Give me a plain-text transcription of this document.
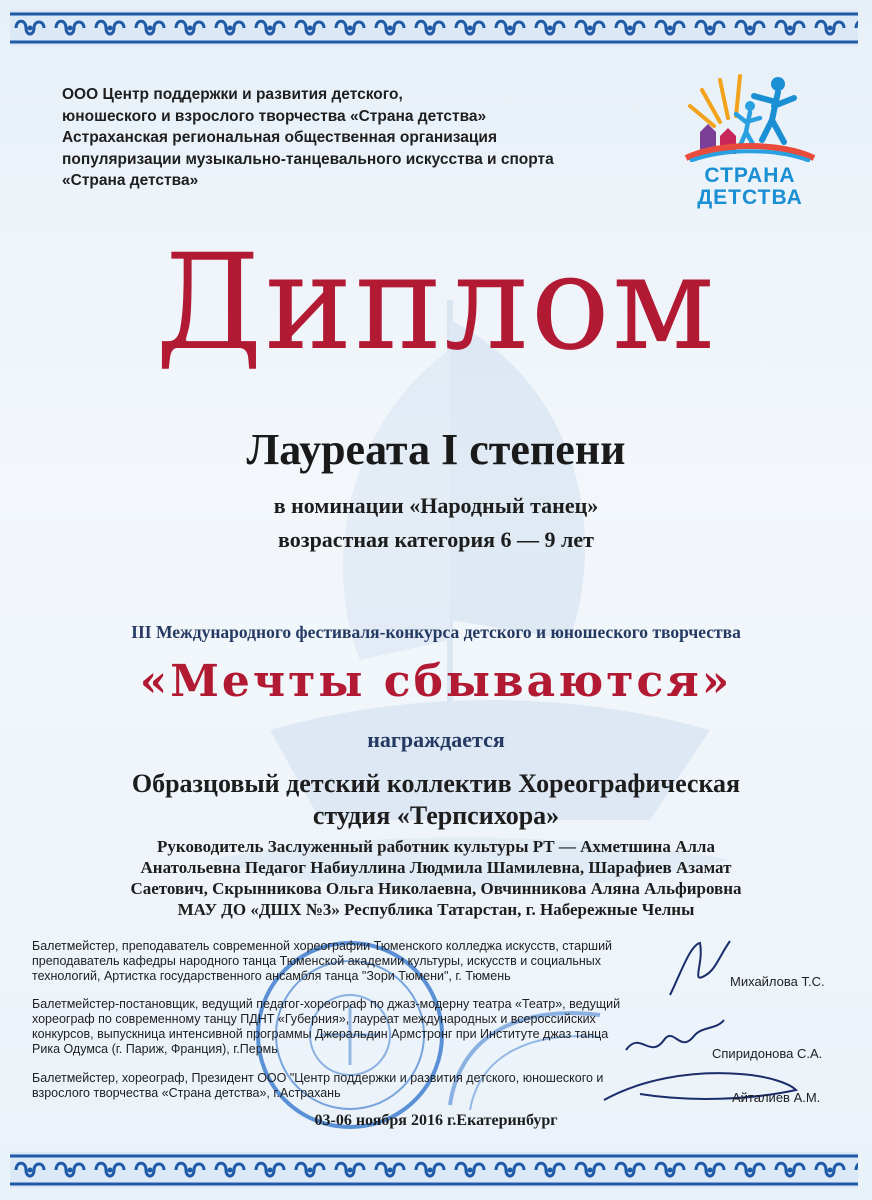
ООО Центр поддержки и развития детского,
юношеского и взрослого творчества «Страна детства»
Астраханская региональная общественная организация
популяризации музыкально-танцевального искусства и спорта
«Страна детства»	СТРАНА
ДЕТСТВА
Диплом
Лауреата I степени
в номинации «Народный танец»
возрастная категория 6 — 9 лет
III Международного фестиваля-конкурса детского и юношеского творчества
«Мечты сбываются»
награждается
Образцовый детский коллектив Хореографическая
студия «Терпсихора»
Руководитель Заслуженный работник культуры РТ — Ахметшина Алла
Анатольевна Педагог Набиуллина Людмила Шамилевна, Шарафиев Азамат
Саетович, Скрынникова Ольга Николаевна, Овчинникова Аляна Альфировна
МАУ ДО «ДШХ №3» Республика Татарстан, г. Набережные Челны
Балетмейстер, преподаватель современной хореографии Тюменского колледжа искусств, старший
преподаватель кафедры народного танца Тюменской академии культуры, искусств и социальных
технологий, Артистка государственного ансамбля танца "Зори Тюмени", г. Тюмень
Балетмейстер-постановщик, ведущий педагог-хореограф по джаз-модерну театра «Театр», ведущий
хореограф по современному танцу ПДНТ «Губерния», лауреат международных и всероссийских
конкурсов, выпускница интенсивной программы Джеральдин Армстронг при Институте джаз танца
Рика Одумса (г. Париж, Франция), г.Пермь
Балетмейстер, хореограф, Президент ООО "Центр поддержки и развития детского, юношеского и
взрослого творчества «Страна детства», г.Астрахань
Михайлова Т.С.
Спиридонова С.А.
Айталиев А.М.
03-06 ноября 2016 г.Екатеринбург
